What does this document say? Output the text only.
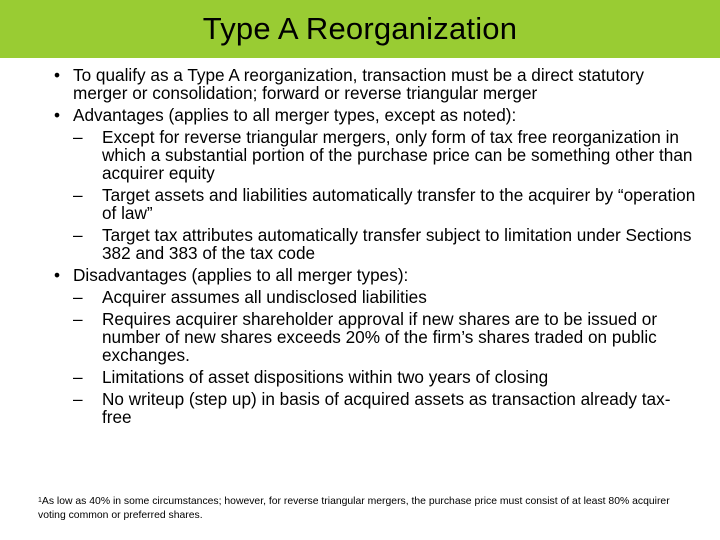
Type A Reorganization
• To qualify as a Type A reorganization, transaction must be a direct statutory merger or consolidation; forward or reverse triangular merger
• Advantages (applies to all merger types, except as noted):
– Except for reverse triangular mergers, only form of tax free reorganization in which a substantial portion of the purchase price can be something other than acquirer equity
– Target assets and liabilities automatically transfer to the acquirer by “operation of law”
– Target tax attributes automatically transfer subject to limitation under Sections 382 and 383 of the tax code
• Disadvantages (applies to all merger types):
– Acquirer assumes all undisclosed liabilities
– Requires acquirer shareholder approval if new shares are to be issued or number of new shares exceeds 20% of the firm’s shares traded on public exchanges.
– Limitations of asset dispositions within two years of closing
– No writeup (step up) in basis of acquired assets as transaction already tax-free
$^1$As low as 40% in some circumstances; however, for reverse triangular mergers, the purchase price must consist of at least 80% acquirer voting common or preferred shares.
